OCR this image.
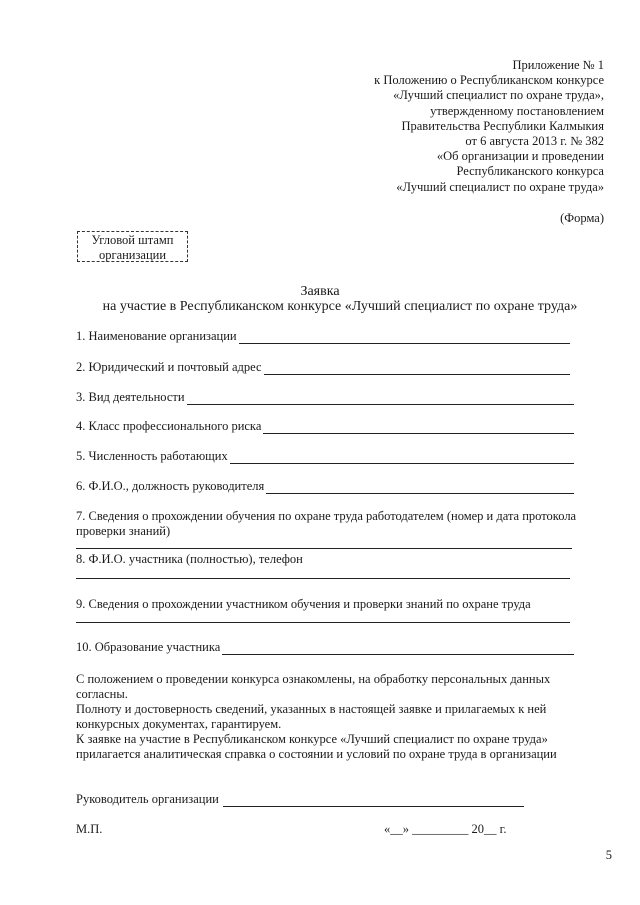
Приложение № 1
к Положению о Республиканском конкурсе
«Лучший специалист по охране труда»,
утвержденному постановлением
Правительства Республики Калмыкия
от 6 августа 2013 г. № 382
«Об организации и проведении
Республиканского конкурса
«Лучший специалист по охране труда»
(Форма)
Угловой штамп
организации
Заявка
на участие в Республиканском конкурсе «Лучший специалист по охране труда»
1. Наименование организации
2. Юридический и почтовый адрес
3. Вид деятельности
4. Класс профессионального риска
5. Численность работающих
6. Ф.И.О., должность руководителя
7. Сведения о прохождении обучения по охране труда работодателем (номер и дата протокола
проверки знаний)
8. Ф.И.О. участника (полностью), телефон
9. Сведения о прохождении участником обучения и проверки знаний по охране труда
10. Образование участника
С положением о проведении конкурса ознакомлены, на обработку персональных данных
согласны.
Полноту и достоверность сведений, указанных в настоящей заявке и прилагаемых к ней
конкурсных документах, гарантируем.
К заявке на участие в Республиканском конкурсе «Лучший специалист по охране труда»
прилагается аналитическая справка о состоянии и условий по охране труда в организации
Руководитель организации
М.П.	«__» _________ 20__ г.
5
